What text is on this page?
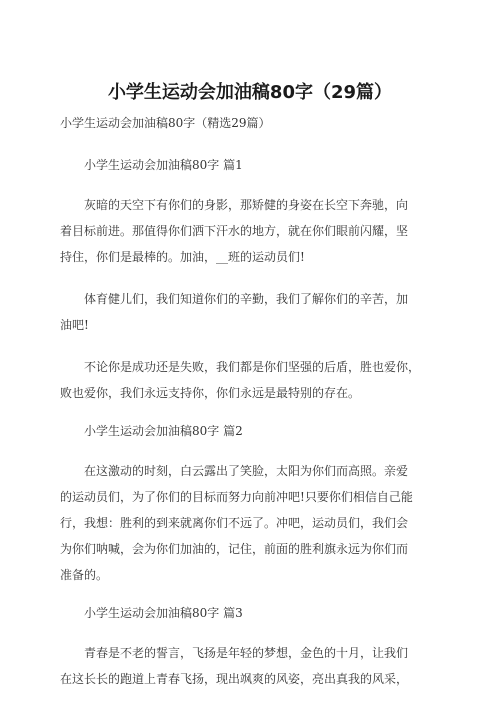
小学生运动会加油稿80字（29篇）
小学生运动会加油稿80字（精选29篇）
小学生运动会加油稿80字 篇1
灰暗的天空下有你们的身影，那矫健的身姿在长空下奔驰，向
着目标前进。那值得你们洒下汗水的地方，就在你们眼前闪耀，坚
持住，你们是最棒的。加油，__班的运动员们!
体育健儿们，我们知道你们的辛勤，我们了解你们的辛苦，加
油吧!
不论你是成功还是失败，我们都是你们坚强的后盾，胜也爱你，
败也爱你，我们永远支持你，你们永远是最特别的存在。
小学生运动会加油稿80字 篇2
在这激动的时刻，白云露出了笑脸，太阳为你们而高照。亲爱
的运动员们，为了你们的目标而努力向前冲吧!只要你们相信自己能
行，我想：胜利的到来就离你们不远了。冲吧，运动员们，我们会
为你们呐喊，会为你们加油的，记住，前面的胜利旗永远为你们而
准备的。
小学生运动会加油稿80字 篇3
青春是不老的誓言，飞扬是年轻的梦想，金色的十月，让我们
在这长长的跑道上青春飞扬，现出飒爽的风姿，亮出真我的风采，
